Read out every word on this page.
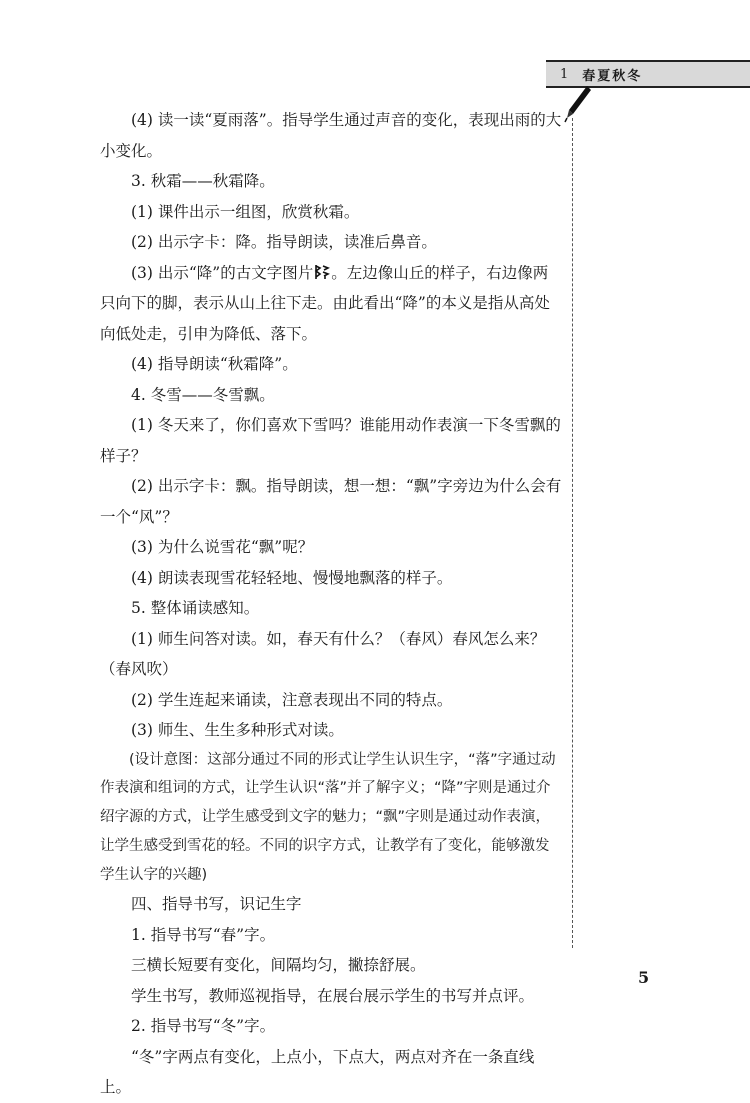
1 春夏秋冬

(4) 读一读“夏雨落”。指导学生通过声音的变化，表现出雨的大小变化。

3. 秋霜——秋霜降。

(1) 课件出示一组图，欣赏秋霜。

(2) 出示字卡：降。指导朗读，读准后鼻音。

(3) 出示“降”的古文字图片 。左边像山丘的样子，右边像两只向下的脚，表示从山上往下走。由此看出“降”的本义是指从高处向低处走，引申为降低、落下。

(4) 指导朗读“秋霜降”。

4. 冬雪——冬雪飘。

(1) 冬天来了，你们喜欢下雪吗？谁能用动作表演一下冬雪飘的样子？

(2) 出示字卡：飘。指导朗读，想一想：“飘”字旁边为什么会有一个“风”？

(3) 为什么说雪花“飘”呢？

(4) 朗读表现雪花轻轻地、慢慢地飘落的样子。

5. 整体诵读感知。

(1) 师生问答对读。如，春天有什么？（春风）春风怎么来？（春风吹）

(2) 学生连起来诵读，注意表现出不同的特点。

(3) 师生、生生多种形式对读。

(设计意图：这部分通过不同的形式让学生认识生字，“落”字通过动作表演和组词的方式，让学生认识“落”并了解字义；“降”字则是通过介绍字源的方式，让学生感受到文字的魅力；“飘”字则是通过动作表演，让学生感受到雪花的轻。不同的识字方式，让教学有了变化，能够激发学生认字的兴趣)

四、指导书写，识记生字

1. 指导书写“春”字。

三横长短要有变化，间隔均匀，撇捺舒展。

学生书写，教师巡视指导，在展台展示学生的书写并点评。

2. 指导书写“冬”字。

“冬”字两点有变化，上点小，下点大，两点对齐在一条直线上。

5
